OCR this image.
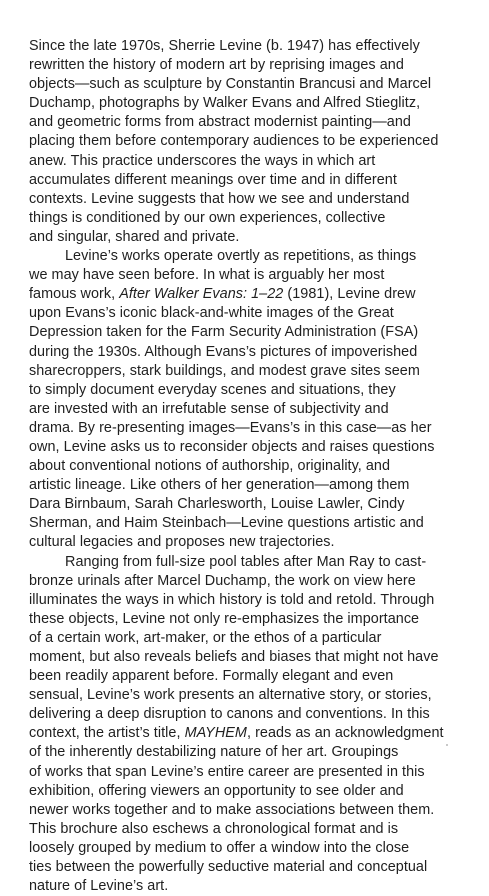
Since the late 1970s, Sherrie Levine (b. 1947) has effectively
rewritten the history of modern art by reprising images and
objects—such as sculpture by Constantin Brancusi and Marcel
Duchamp, photographs by Walker Evans and Alfred Stieglitz,
and geometric forms from abstract modernist painting—and
placing them before contemporary audiences to be experienced
anew. This practice underscores the ways in which art
accumulates different meanings over time and in different
contexts. Levine suggests that how we see and understand
things is conditioned by our own experiences, collective
and singular, shared and private.
Levine’s works operate overtly as repetitions, as things
we may have seen before. In what is arguably her most
famous work, After Walker Evans: 1–22 (1981), Levine drew
upon Evans’s iconic black-and-white images of the Great
Depression taken for the Farm Security Administration (FSA)
during the 1930s. Although Evans’s pictures of impoverished
sharecroppers, stark buildings, and modest grave sites seem
to simply document everyday scenes and situations, they
are invested with an irrefutable sense of subjectivity and
drama. By re-presenting images—Evans’s in this case—as her
own, Levine asks us to reconsider objects and raises questions
about conventional notions of authorship, originality, and
artistic lineage. Like others of her generation—among them
Dara Birnbaum, Sarah Charlesworth, Louise Lawler, Cindy
Sherman, and Haim Steinbach—Levine questions artistic and
cultural legacies and proposes new trajectories.
Ranging from full-size pool tables after Man Ray to cast-
bronze urinals after Marcel Duchamp, the work on view here
illuminates the ways in which history is told and retold. Through
these objects, Levine not only re-emphasizes the importance
of a certain work, art-maker, or the ethos of a particular
moment, but also reveals beliefs and biases that might not have
been readily apparent before. Formally elegant and even
sensual, Levine’s work presents an alternative story, or stories,
delivering a deep disruption to canons and conventions. In this
context, the artist’s title, MAYHEM, reads as an acknowledgment
of the inherently destabilizing nature of her art. Groupings
of works that span Levine’s entire career are presented in this
exhibition, offering viewers an opportunity to see older and
newer works together and to make associations between them.
This brochure also eschews a chronological format and is
loosely grouped by medium to offer a window into the close
ties between the powerfully seductive material and conceptual
nature of Levine’s art.
